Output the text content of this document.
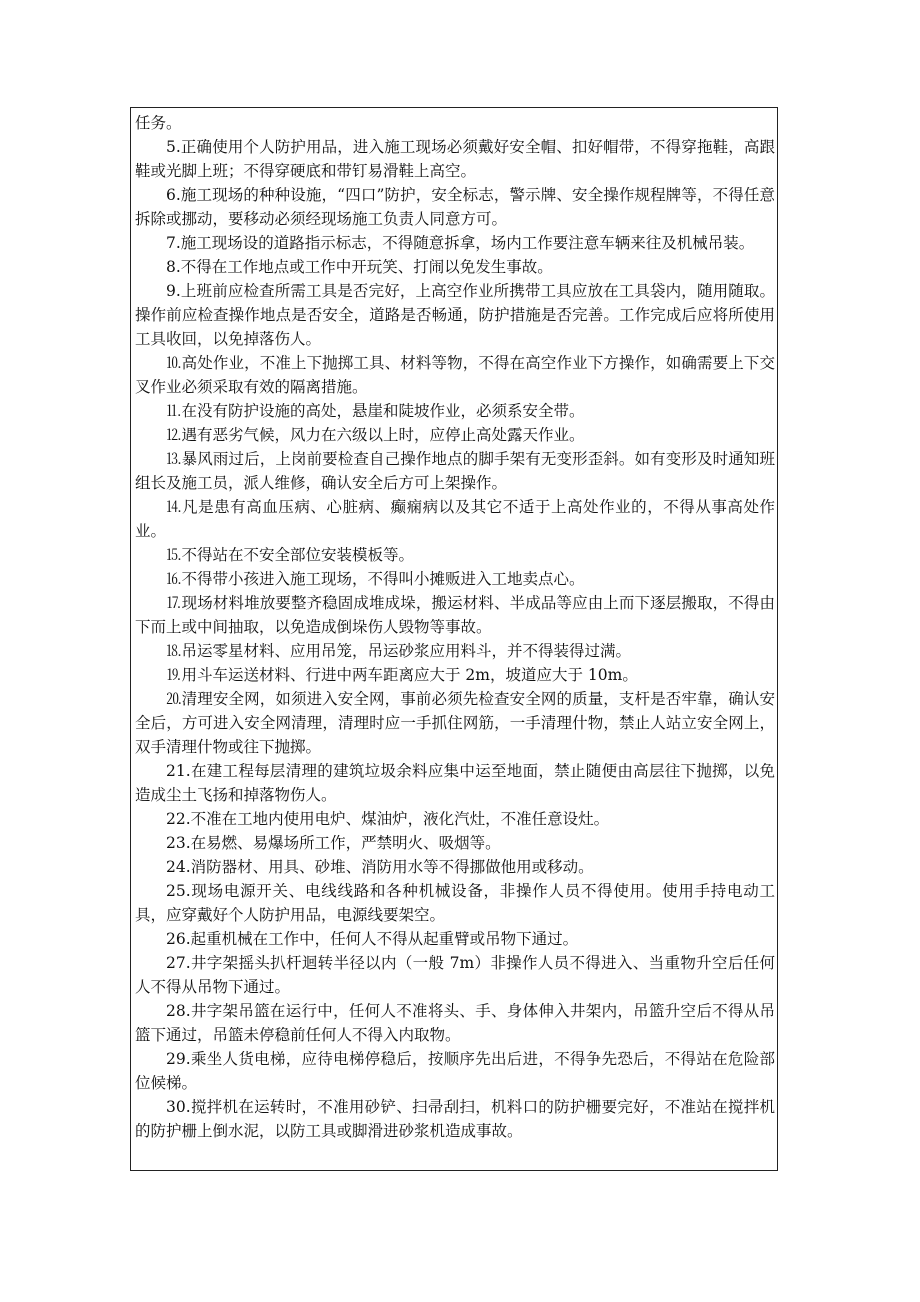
任务。

5.正确使用个人防护用品，进入施工现场必须戴好安全帽、扣好帽带，不得穿拖鞋，高跟鞋或光脚上班；不得穿硬底和带钉易滑鞋上高空。

6.施工现场的种种设施，“四口”防护，安全标志，警示牌、安全操作规程牌等，不得任意拆除或挪动，要移动必须经现场施工负责人同意方可。

7.施工现场设的道路指示标志，不得随意拆拿，场内工作要注意车辆来往及机械吊装。

8.不得在工作地点或工作中开玩笑、打闹以免发生事故。

9.上班前应检查所需工具是否完好，上高空作业所携带工具应放在工具袋内，随用随取。操作前应检查操作地点是否安全，道路是否畅通，防护措施是否完善。工作完成后应将所使用工具收回，以免掉落伤人。

⒑高处作业，不准上下抛掷工具、材料等物，不得在高空作业下方操作，如确需要上下交叉作业必须采取有效的隔离措施。

⒒在没有防护设施的高处，悬崖和陡坡作业，必须系安全带。

⒓遇有恶劣气候，风力在六级以上时，应停止高处露天作业。

⒔暴风雨过后，上岗前要检查自己操作地点的脚手架有无变形歪斜。如有变形及时通知班组长及施工员，派人维修，确认安全后方可上架操作。

⒕凡是患有高血压病、心脏病、癫痫病以及其它不适于上高处作业的，不得从事高处作业。

⒖不得站在不安全部位安装模板等。

⒗不得带小孩进入施工现场，不得叫小摊贩进入工地卖点心。

⒘现场材料堆放要整齐稳固成堆成垛，搬运材料、半成品等应由上而下逐层搬取，不得由下而上或中间抽取，以免造成倒垛伤人毁物等事故。

⒙吊运零星材料、应用吊笼，吊运砂浆应用料斗，并不得装得过满。

⒚用斗车运送材料、行进中两车距离应大于 2m，坡道应大于 10m。

⒛清理安全网，如须进入安全网，事前必须先检查安全网的质量，支杆是否牢靠，确认安全后，方可进入安全网清理，清理时应一手抓住网筋，一手清理什物，禁止人站立安全网上，双手清理什物或往下抛掷。

21.在建工程每层清理的建筑垃圾余料应集中运至地面，禁止随便由高层往下抛掷，以免造成尘土飞扬和掉落物伤人。

22.不准在工地内使用电炉、煤油炉，液化汽灶，不准任意设灶。

23.在易燃、易爆场所工作，严禁明火、吸烟等。

24.消防器材、用具、砂堆、消防用水等不得挪做他用或移动。

25.现场电源开关、电线线路和各种机械设备，非操作人员不得使用。使用手持电动工具，应穿戴好个人防护用品，电源线要架空。

26.起重机械在工作中，任何人不得从起重臂或吊物下通过。

27.井字架摇头扒杆迴转半径以内（一般 7m）非操作人员不得进入、当重物升空后任何人不得从吊物下通过。

28.井字架吊篮在运行中，任何人不准将头、手、身体伸入井架内，吊篮升空后不得从吊篮下通过，吊篮未停稳前任何人不得入内取物。

29.乘坐人货电梯，应待电梯停稳后，按顺序先出后进，不得争先恐后，不得站在危险部位候梯。

30.搅拌机在运转时，不准用砂铲、扫帚刮扫，机料口的防护栅要完好，不准站在搅拌机的防护栅上倒水泥，以防工具或脚滑进砂浆机造成事故。
